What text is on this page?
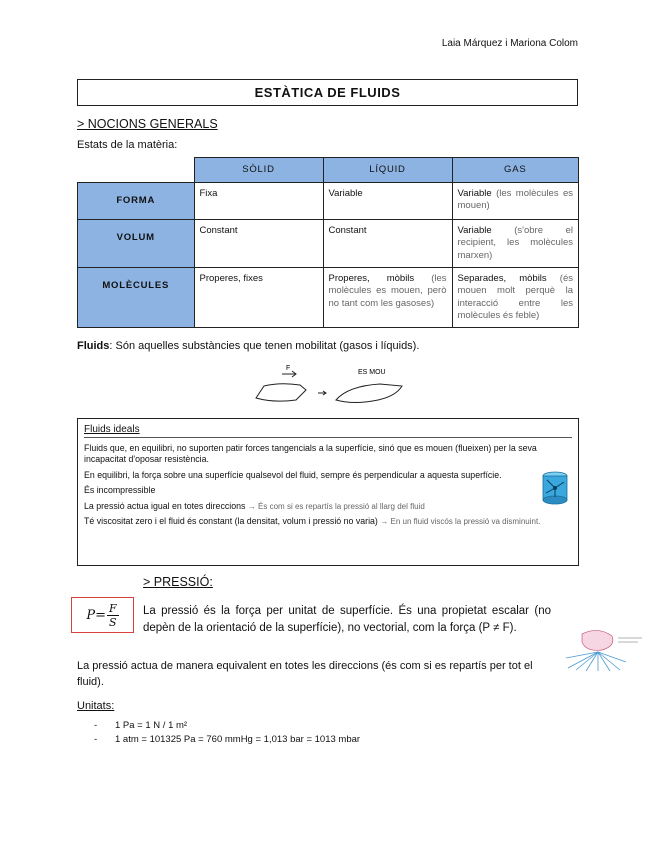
Laia Márquez i Mariona Colom
ESTÀTICA DE FLUIDS
> NOCIONS GENERALS
Estats de la matèria:
	SÒLID	LÍQUID	GAS
FORMA	Fixa	Variable	Variable (les molècules es mouen)
VOLUM	Constant	Constant	Variable (s'obre el recipient, les molècules marxen)
MOLÈCULES	Properes, fixes	Properes, mòbils (les molècules es mouen, però no tant com les gasoses)	Separades, mòbils (és mouen molt perquè la interacció entre les molècules és feble)
Fluids: Són aquelles substàncies que tenen mobilitat (gasos i líquids).
F
ES MOU
Fluids ideals

Fluids que, en equilibri, no suporten patir forces tangencials a la superfície, sinó que es mouen (flueixen) per la seva incapacitat d'oposar resistència.

En equilibri, la força sobre una superfície qualsevol del fluid, sempre és perpendicular a aquesta superfície.

És incompressible

La pressió actua igual en totes direccions → És com si es repartís la pressió al llarg del fluid

Té viscositat zero i el fluid és constant (la densitat, volum i pressió no varia) → En un fluid viscós la pressió va disminuint.

> PRESSIÓ:
$P= \frac{F}{S}$ La pressió és la força per unitat de superfície. És una propietat escalar (no depèn de la orientació de la superfície), no vectorial, com la força (P ≠ F).
La pressió actua de manera equivalent en totes les direccions (és com si es repartís per tot el fluid).
Unitats:
- 1 Pa = 1 N / 1 m²
- 1 atm = 101325 Pa = 760 mmHg = 1,013 bar = 1013 mbar
